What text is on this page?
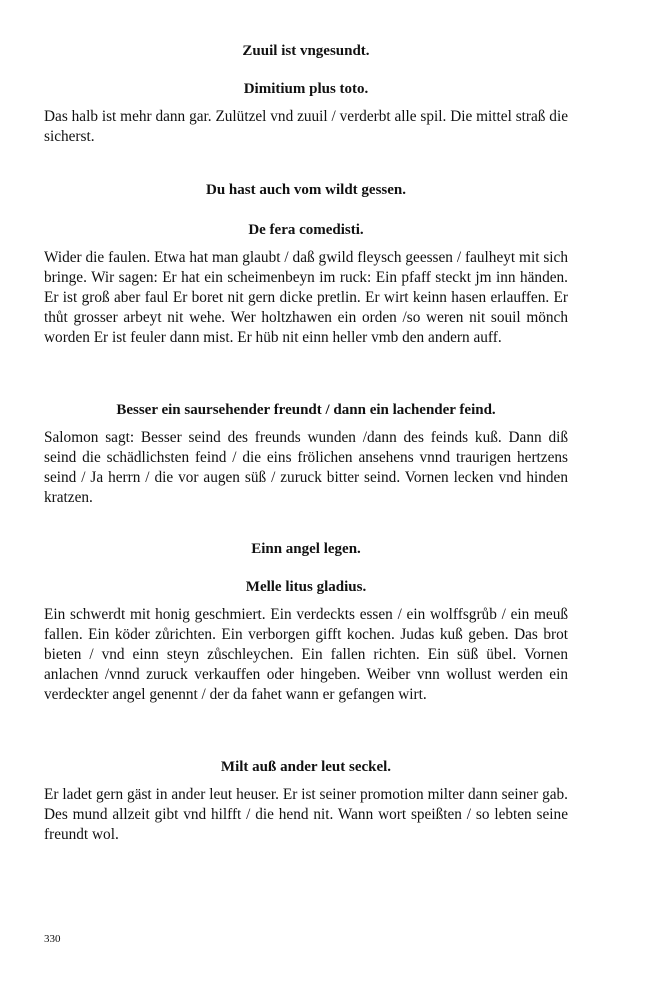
Zuuil ist vngesundt.

Dimitium plus toto.

Das halb ist mehr dann gar. Zulützel vnd zuuil / verderbt alle spil. Die mittel straß die sicherst.

Du hast auch vom wildt gessen.

De fera comedisti.

Wider die faulen. Etwa hat man glaubt / daß gwild fleysch geessen / faulheyt mit sich bringe. Wir sagen: Er hat ein scheimenbeyn im ruck: Ein pfaff steckt jm inn händen. Er ist groß aber faul Er boret nit gern dicke pretlin. Er wirt keinn hasen erlauffen. Er thůt grosser arbeyt nit wehe. Wer holtzhawen ein orden /so weren nit souil mönch worden Er ist feuler dann mist. Er hüb nit einn heller vmb den andern auff.

Besser ein saursehender freundt / dann ein lachender feind.

Salomon sagt: Besser seind des freunds wunden /dann des feinds kuß. Dann diß seind die schädlichsten feind / die eins frölichen ansehens vnnd traurigen hertzens seind / Ja herrn / die vor augen süß / zuruck bitter seind. Vornen lecken vnd hinden kratzen.

Einn angel legen.

Melle litus gladius.

Ein schwerdt mit honig geschmiert. Ein verdeckts essen / ein wolffsgrůb / ein meuß fallen. Ein köder zůrichten. Ein verborgen gifft kochen. Judas kuß geben. Das brot bieten / vnd einn steyn zůschleychen. Ein fallen richten. Ein süß übel. Vornen anlachen /vnnd zuruck verkauffen oder hingeben. Weiber vnn wollust werden ein verdeckter angel genennt / der da fahet wann er gefangen wirt.

Milt auß ander leut seckel.

Er ladet gern gäst in ander leut heuser. Er ist seiner promotion milter dann seiner gab. Des mund allzeit gibt vnd hilfft / die hend nit. Wann wort speißten / so lebten seine freundt wol.

330
